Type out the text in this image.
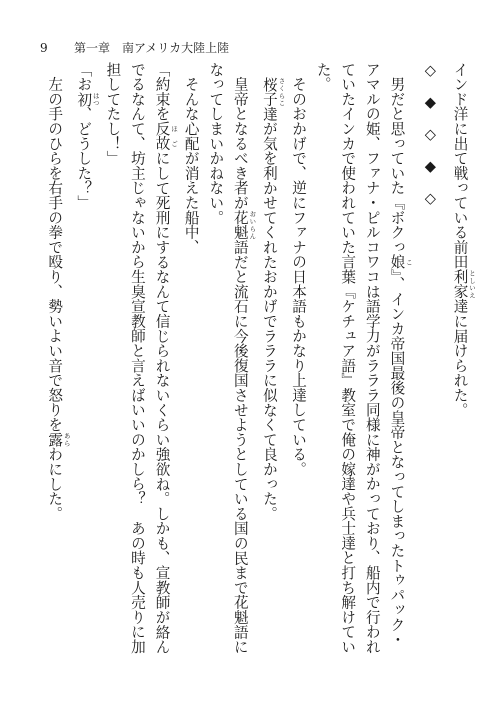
9 第一章　南アメリカ大陸上陸
インド洋に出て戦っている前田利家 としいえ達に届けられた。
◇　◆　◇　◆　◇
　男だと思っていた『ボクっ娘 こ』、インカ帝国最後の皇帝となってしまったトゥパック・
アマルの姫、ファナ・ピルコワコは語学力がラララ同様に神がかっており、船内で行われ
ていたインカで使われていた言葉『ケチュア語』教室で俺の嫁達や兵士達と打ち解けてい
た。
　そのおかげで、逆にファナの日本語もかなり上達している。
　桜子 さくらこ達が気を利かせてくれたおかげでラララに似なくて良かった。
　皇帝となるべき者が花魁 おいらん語だと流石に今後復国させようとしている国の民まで花魁語に
なってしまいかねない。
　そんな心配が消えた船中、
「約束を反故 ほごにして死刑にするなんて信じられないくらい強欲ね。しかも、宣教師が絡ん
でるなんて、坊主じゃないから生臭宣教師と言えばいいのかしら？　あの時も人売りに加
担してたし！」
「お初 はつ、どうした？」
　左の手のひらを右手の拳で殴り、勢いよい音で怒りを露 あらわにした。
